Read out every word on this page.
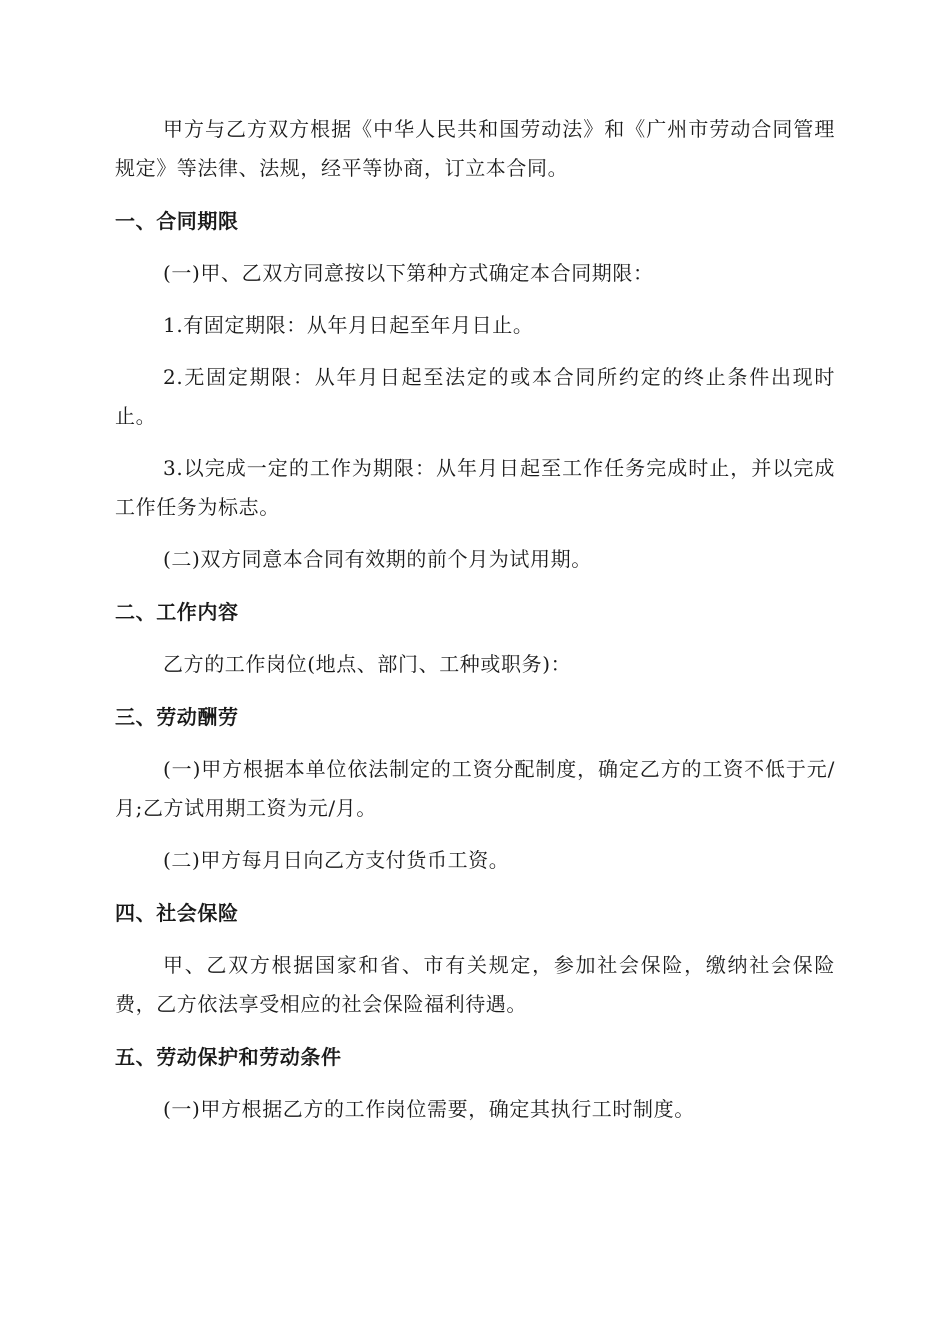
甲方与乙方双方根据《中华人民共和国劳动法》和《广州市劳动合同管理规定》等法律、法规，经平等协商，订立本合同。

一、合同期限

(一)甲、乙双方同意按以下第种方式确定本合同期限：

1.有固定期限：从年月日起至年月日止。

2.无固定期限：从年月日起至法定的或本合同所约定的终止条件出现时止。

3.以完成一定的工作为期限：从年月日起至工作任务完成时止，并以完成工作任务为标志。

(二)双方同意本合同有效期的前个月为试用期。

二、工作内容

乙方的工作岗位(地点、部门、工种或职务)：

三、劳动酬劳

(一)甲方根据本单位依法制定的工资分配制度，确定乙方的工资不低于元/月;乙方试用期工资为元/月。

(二)甲方每月日向乙方支付货币工资。

四、社会保险

甲、乙双方根据国家和省、市有关规定，参加社会保险，缴纳社会保险费，乙方依法享受相应的社会保险福利待遇。

五、劳动保护和劳动条件

(一)甲方根据乙方的工作岗位需要，确定其执行工时制度。
